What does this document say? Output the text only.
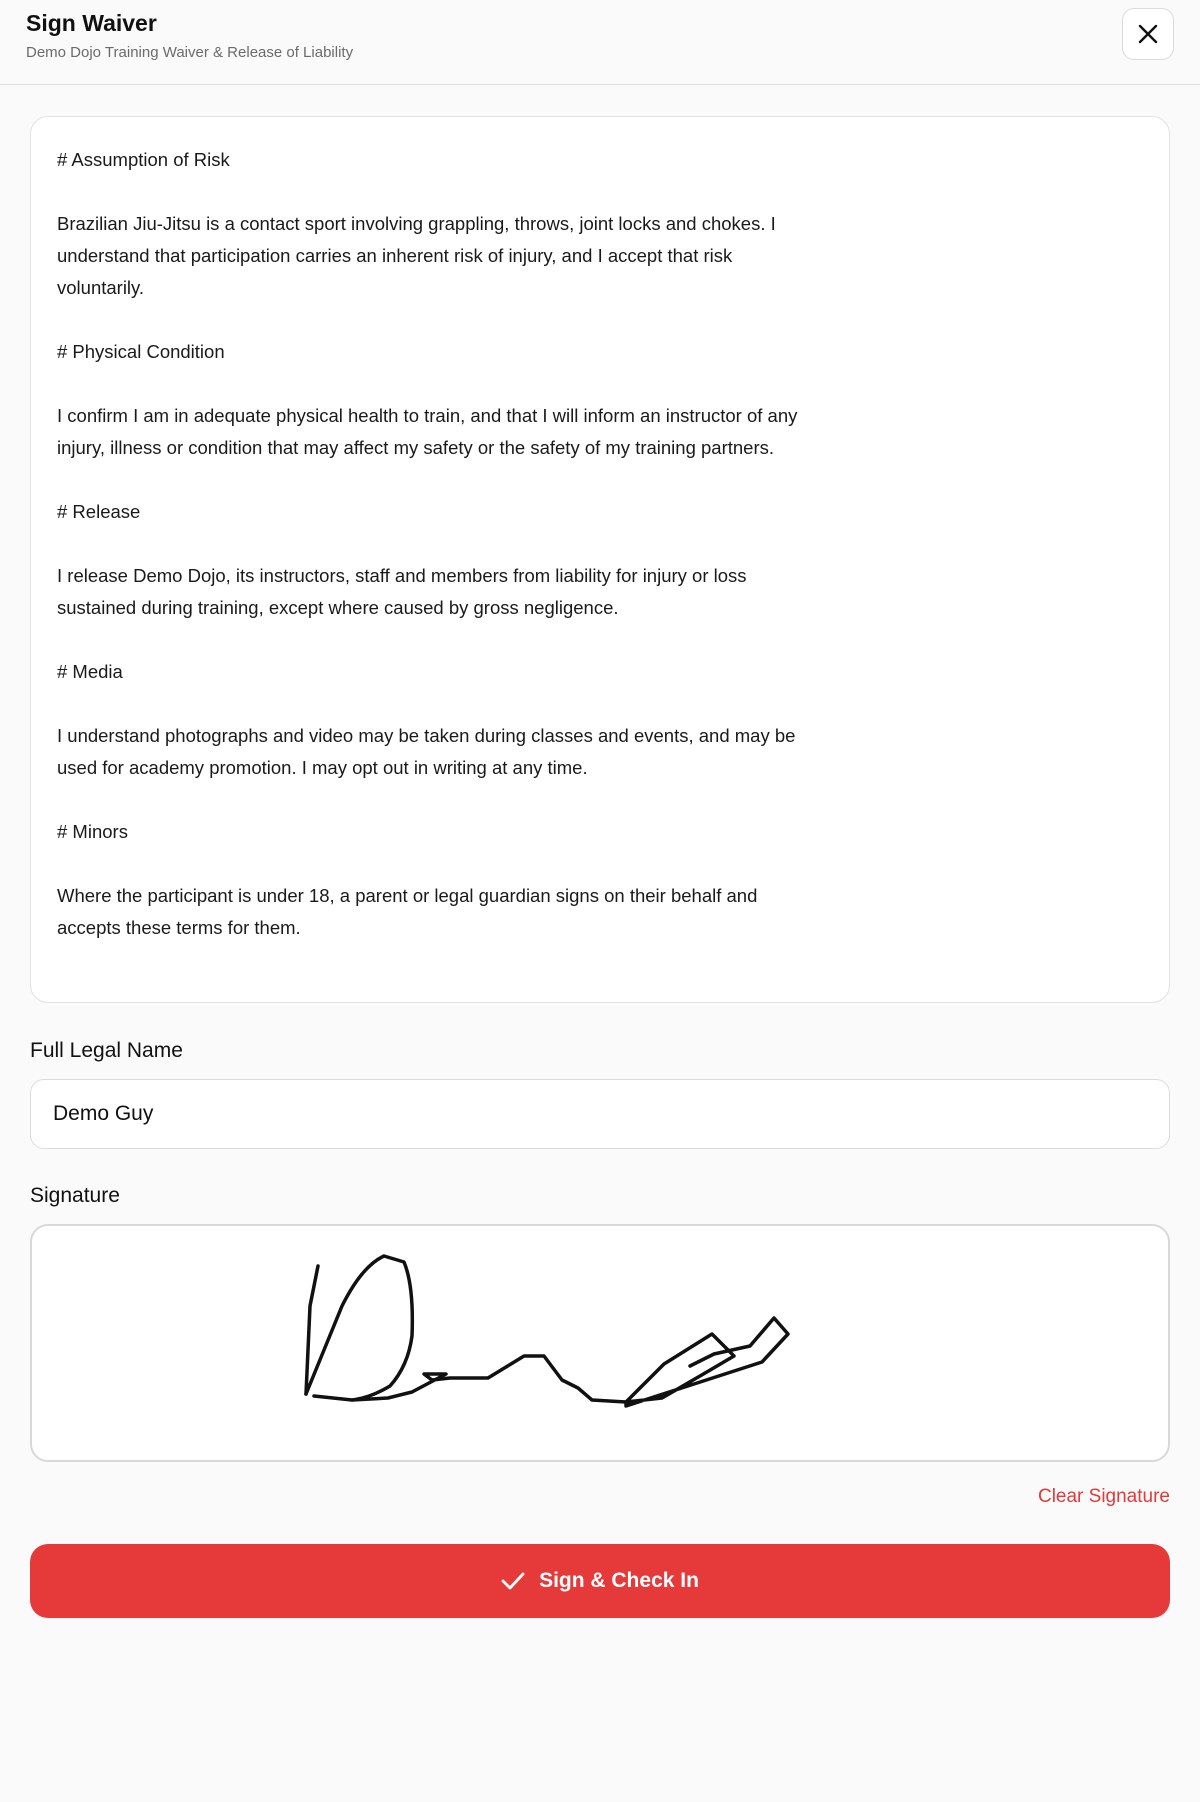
Sign Waiver
Demo Dojo Training Waiver & Release of Liability
# Assumption of Risk
Brazilian Jiu-Jitsu is a contact sport involving grappling, throws, joint locks and chokes. I understand that participation carries an inherent risk of injury, and I accept that risk voluntarily.
# Physical Condition
I confirm I am in adequate physical health to train, and that I will inform an instructor of any injury, illness or condition that may affect my safety or the safety of my training partners.
# Release
I release Demo Dojo, its instructors, staff and members from liability for injury or loss sustained during training, except where caused by gross negligence.
# Media
I understand photographs and video may be taken during classes and events, and may be used for academy promotion. I may opt out in writing at any time.
# Minors
Where the participant is under 18, a parent or legal guardian signs on their behalf and accepts these terms for them.
Full Legal Name
Demo Guy
Signature
Clear Signature
Sign & Check In
